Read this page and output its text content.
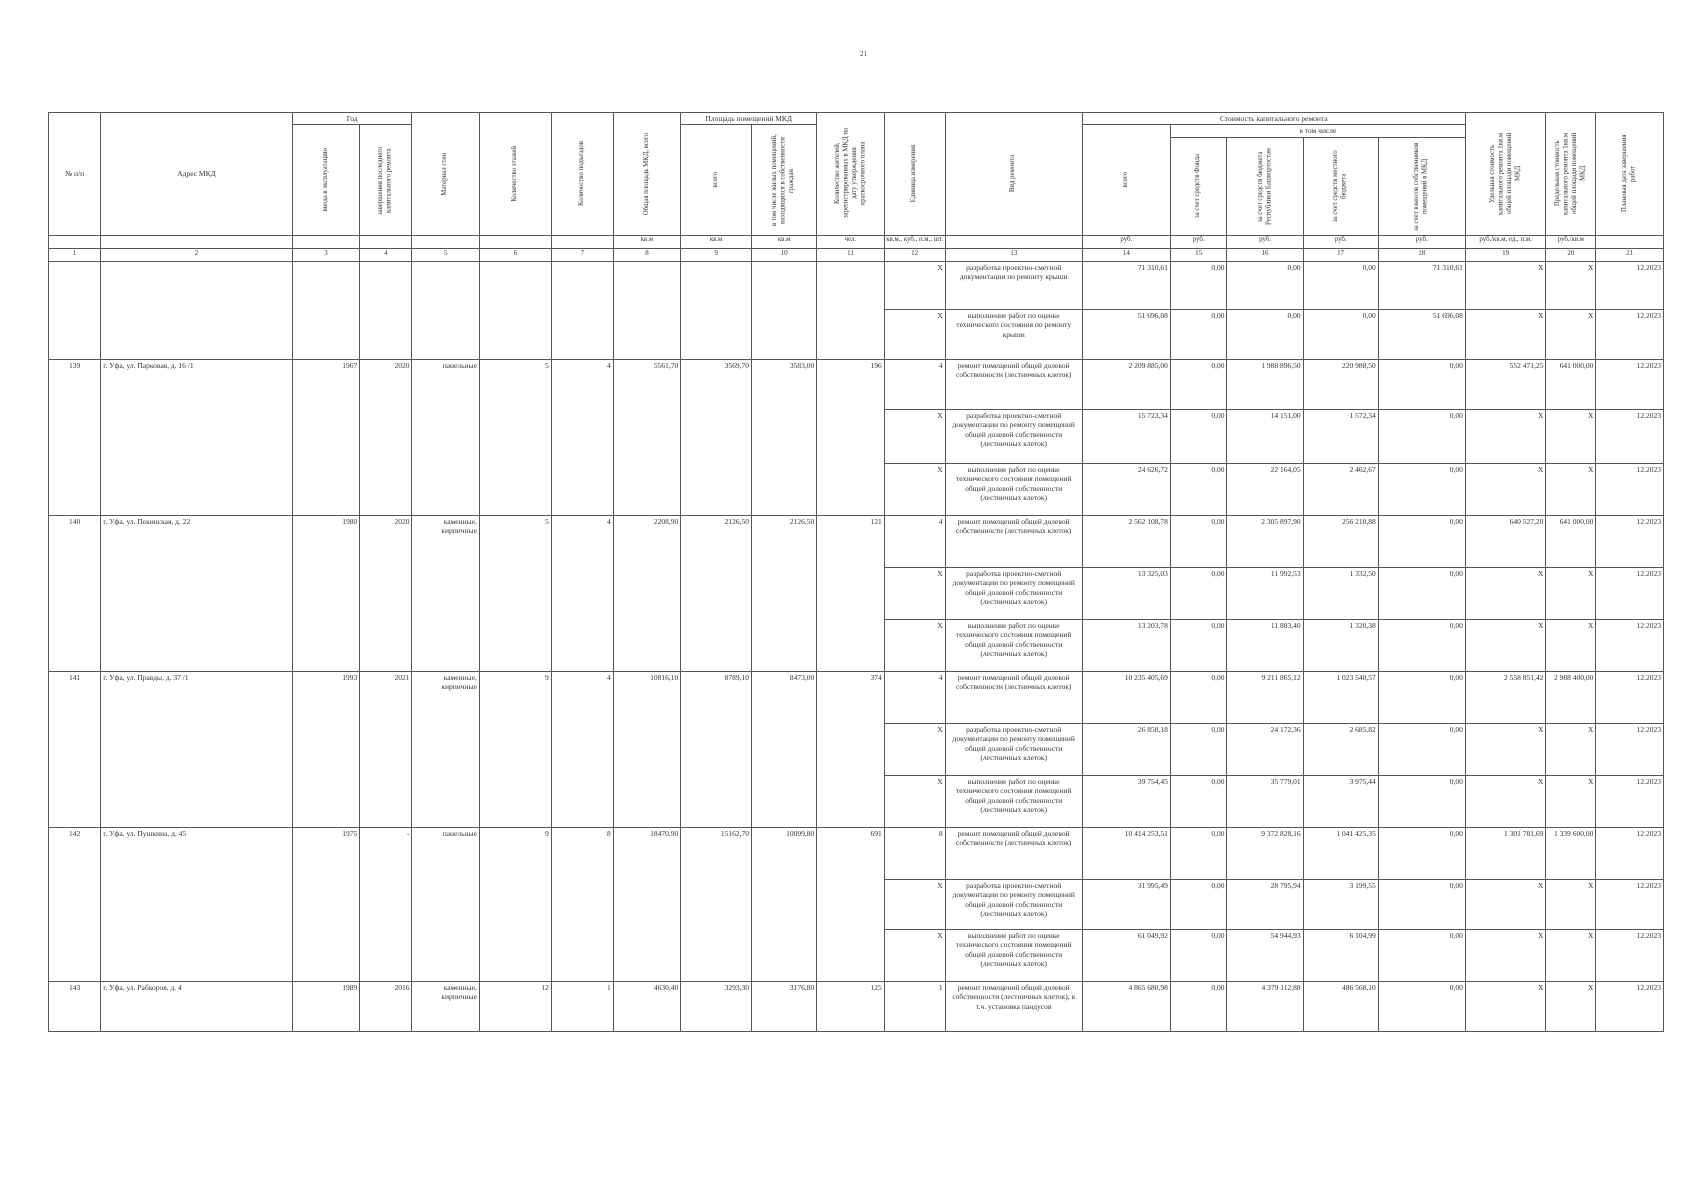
21
№ п/п	Адрес МКД	Год		Материал стен	Количество этажей	Количество подъездов	Общая площадь МКД, всего	Площадь помещений МКД		Количество жителей, зарегистрированных в МКД на дату утверждения краткосрочного плана	Единица измерения	Вид ремонта	Стоимость капитального ремонта					Удельная стоимость капитального ремонта 1кв.м общей площади помещений МКД	Предельная стоимость капитального ремонта 1кв.м общей площади помещений МКД	Плановая дата завершения работ

		ввода в эксплуатацию	завершения последнего капитального ремонта					всего	в том числе жилых помещений, находящихся в собственности граждан				всего	в том числе						

														за счет средств Фонда	за счет средств бюджета Республики Башкортостан	за счет средств местного бюджета	за счет взносов собственников помещений в МКД			

							кв.м	кв.м	кв.м	чел.	кв.м., куб., п.м., шт.		руб.	руб.	руб.	руб.	руб.	руб./кв.м, ед., п.м.	руб./кв.м	
1	2	3	4	5	6	7	8	9	10	11	12	13	14	15	16	17	18	19	20	21
											X	разработка проектно-сметной документации по ремонту крыши	71 310,61	0,00	0,00	0,00	71 310,61	X	X	12.2023
											X	выполнение работ по оценке технического состояния по ремонту крыши	51 696,08	0,00	0,00	0,00	51 696,08	X	X	12.2023
139	г. Уфа, ул. Парковая, д. 16 /1	1967	2020	панельные	5	4	5561,70	3569,70	3583,00	196	4	ремонт помещений общей долевой собственности (лестничных клеток)	2 209 885,00	0,00	1 988 896,50	220 988,50	0,00	552 471,25	641 000,00	12.2023
											X	разработка проектно-сметной документации по ремонту помещений общей долевой собственности (лестничных клеток)	15 723,34	0,00	14 151,00	1 572,34	0,00	X	X	12.2023
											X	выполнение работ по оценке технического состояния помещений общей долевой собственности (лестничных клеток)	24 626,72	0,00	22 164,05	2 462,67	0,00	X	X	12.2023
140	г. Уфа, ул. Пекинская, д. 22	1980	2020	каменные, кирпичные	5	4	2208,90	2126,50	2126,50	121	4	ремонт помещений общей долевой собственности (лестничных клеток)	2 562 108,78	0,00	2 305 897,90	256 210,88	0,00	640 527,20	641 000,00	12.2023
											X	разработка проектно-сметной документации по ремонту помещений общей долевой собственности (лестничных клеток)	13 325,03	0,00	11 992,53	1 332,50	0,00	X	X	12.2023
											X	выполнение работ по оценке технического состояния помещений общей долевой собственности (лестничных клеток)	13 203,78	0,00	11 883,40	1 320,38	0,00	X	X	12.2023
141	г. Уфа, ул. Правды, д. 37 /1	1993	2021	каменные, кирпичные	9	4	10816,10	8789,10	8473,00	374	4	ремонт помещений общей долевой собственности (лестничных клеток)	10 235 405,69	0,00	9 211 865,12	1 023 540,57	0,00	2 558 851,42	2 988 400,00	12.2023
											X	разработка проектно-сметной документации по ремонту помещений общей долевой собственности (лестничных клеток)	26 858,18	0,00	24 172,36	2 685,82	0,00	X	X	12.2023
											X	выполнение работ по оценке технического состояния помещений общей долевой собственности (лестничных клеток)	39 754,45	0,00	35 779,01	3 975,44	0,00	X	X	12.2023
142	г. Уфа, ул. Пушкина, д. 45	1975	-	панельные	9	8	18470,90	15162,70	10099,80	691	8	ремонт помещений общей долевой собственности (лестничных клеток)	10 414 253,51	0,00	9 372 828,16	1 041 425,35	0,00	1 301 781,69	1 339 600,00	12.2023
											X	разработка проектно-сметной документации по ремонту помещений общей долевой собственности (лестничных клеток)	31 995,49	0,00	28 795,94	3 199,55	0,00	X	X	12.2023
											X	выполнение работ по оценке технического состояния помещений общей долевой собственности (лестничных клеток)	61 049,92	0,00	54 944,93	6 104,99	0,00	X	X	12.2023
143	г. Уфа, ул. Рабкоров, д. 4	1989	2016	каменные, кирпичные	12	1	4630,40	3293,30	3176,80	125	1	ремонт помещений общей долевой собственности (лестничных клеток), в т.ч. установка пандусов	4 865 680,98	0,00	4 379 112,88	486 568,10	0,00	X	X	12.2023
